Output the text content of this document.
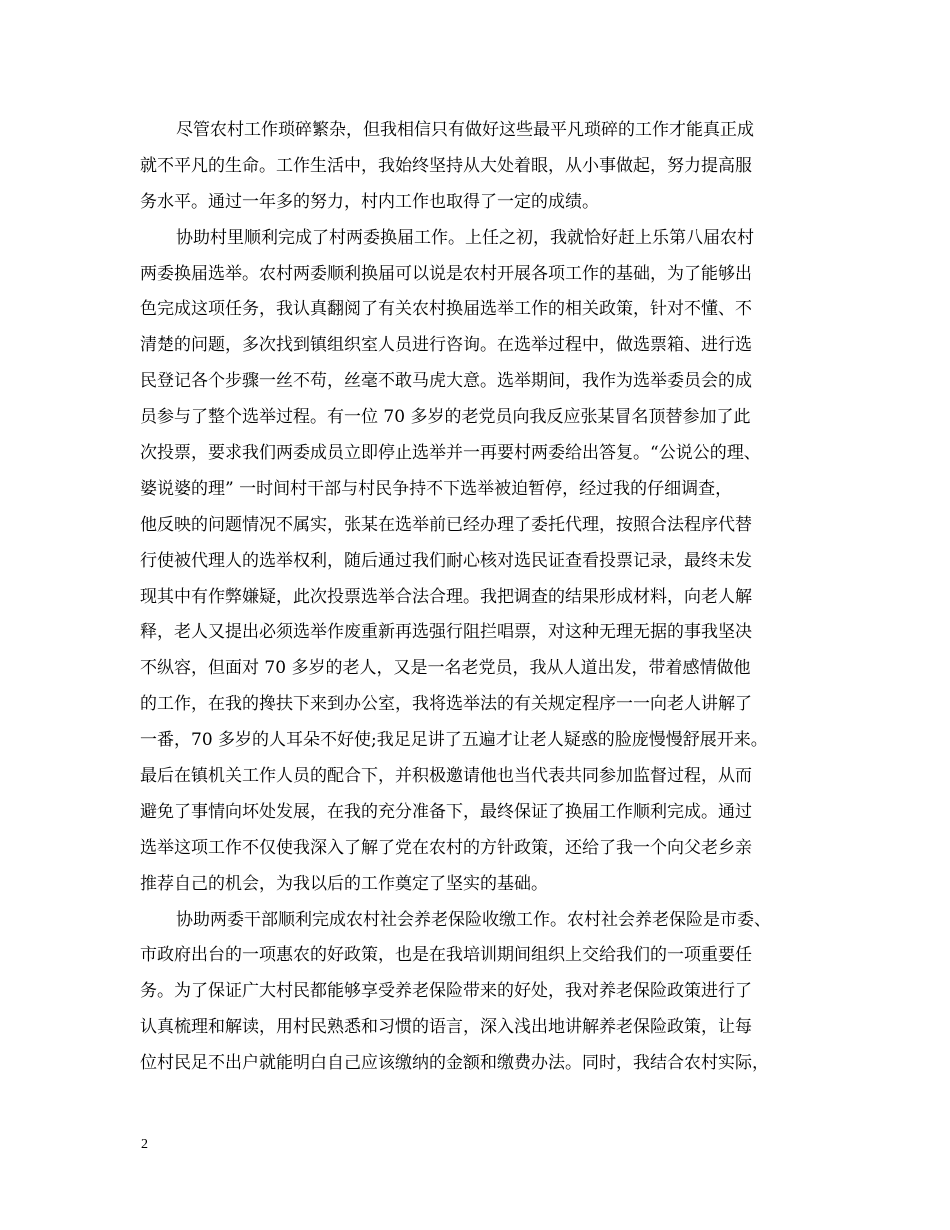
尽管农村工作琐碎繁杂，但我相信只有做好这些最平凡琐碎的工作才能真正成
就不平凡的生命。工作生活中，我始终坚持从大处着眼，从小事做起，努力提高服
务水平。通过一年多的努力，村内工作也取得了一定的成绩。
协助村里顺利完成了村两委换届工作。上任之初，我就恰好赶上乐第八届农村
两委换届选举。农村两委顺利换届可以说是农村开展各项工作的基础，为了能够出
色完成这项任务，我认真翻阅了有关农村换届选举工作的相关政策，针对不懂、不
清楚的问题，多次找到镇组织室人员进行咨询。在选举过程中，做选票箱、进行选
民登记各个步骤一丝不苟，丝毫不敢马虎大意。选举期间，我作为选举委员会的成
员参与了整个选举过程。有一位 70 多岁的老党员向我反应张某冒名顶替参加了此
次投票，要求我们两委成员立即停止选举并一再要村两委给出答复。“公说公的理、
婆说婆的理” 一时间村干部与村民争持不下选举被迫暂停，经过我的仔细调查，
他反映的问题情况不属实，张某在选举前已经办理了委托代理，按照合法程序代替
行使被代理人的选举权利，随后通过我们耐心核对选民证查看投票记录，最终未发
现其中有作弊嫌疑，此次投票选举合法合理。我把调查的结果形成材料，向老人解
释，老人又提出必须选举作废重新再选强行阻拦唱票，对这种无理无据的事我坚决
不纵容，但面对 70 多岁的老人，又是一名老党员，我从人道出发，带着感情做他
的工作，在我的搀扶下来到办公室，我将选举法的有关规定程序一一向老人讲解了
一番，70 多岁的人耳朵不好使;我足足讲了五遍才让老人疑惑的脸庞慢慢舒展开来。
最后在镇机关工作人员的配合下，并积极邀请他也当代表共同参加监督过程，从而
避免了事情向坏处发展，在我的充分准备下，最终保证了换届工作顺利完成。通过
选举这项工作不仅使我深入了解了党在农村的方针政策，还给了我一个向父老乡亲
推荐自己的机会，为我以后的工作奠定了坚实的基础。
协助两委干部顺利完成农村社会养老保险收缴工作。农村社会养老保险是市委、
市政府出台的一项惠农的好政策，也是在我培训期间组织上交给我们的一项重要任
务。为了保证广大村民都能够享受养老保险带来的好处，我对养老保险政策进行了
认真梳理和解读，用村民熟悉和习惯的语言，深入浅出地讲解养老保险政策，让每
位村民足不出户就能明白自己应该缴纳的金额和缴费办法。同时，我结合农村实际，
2
